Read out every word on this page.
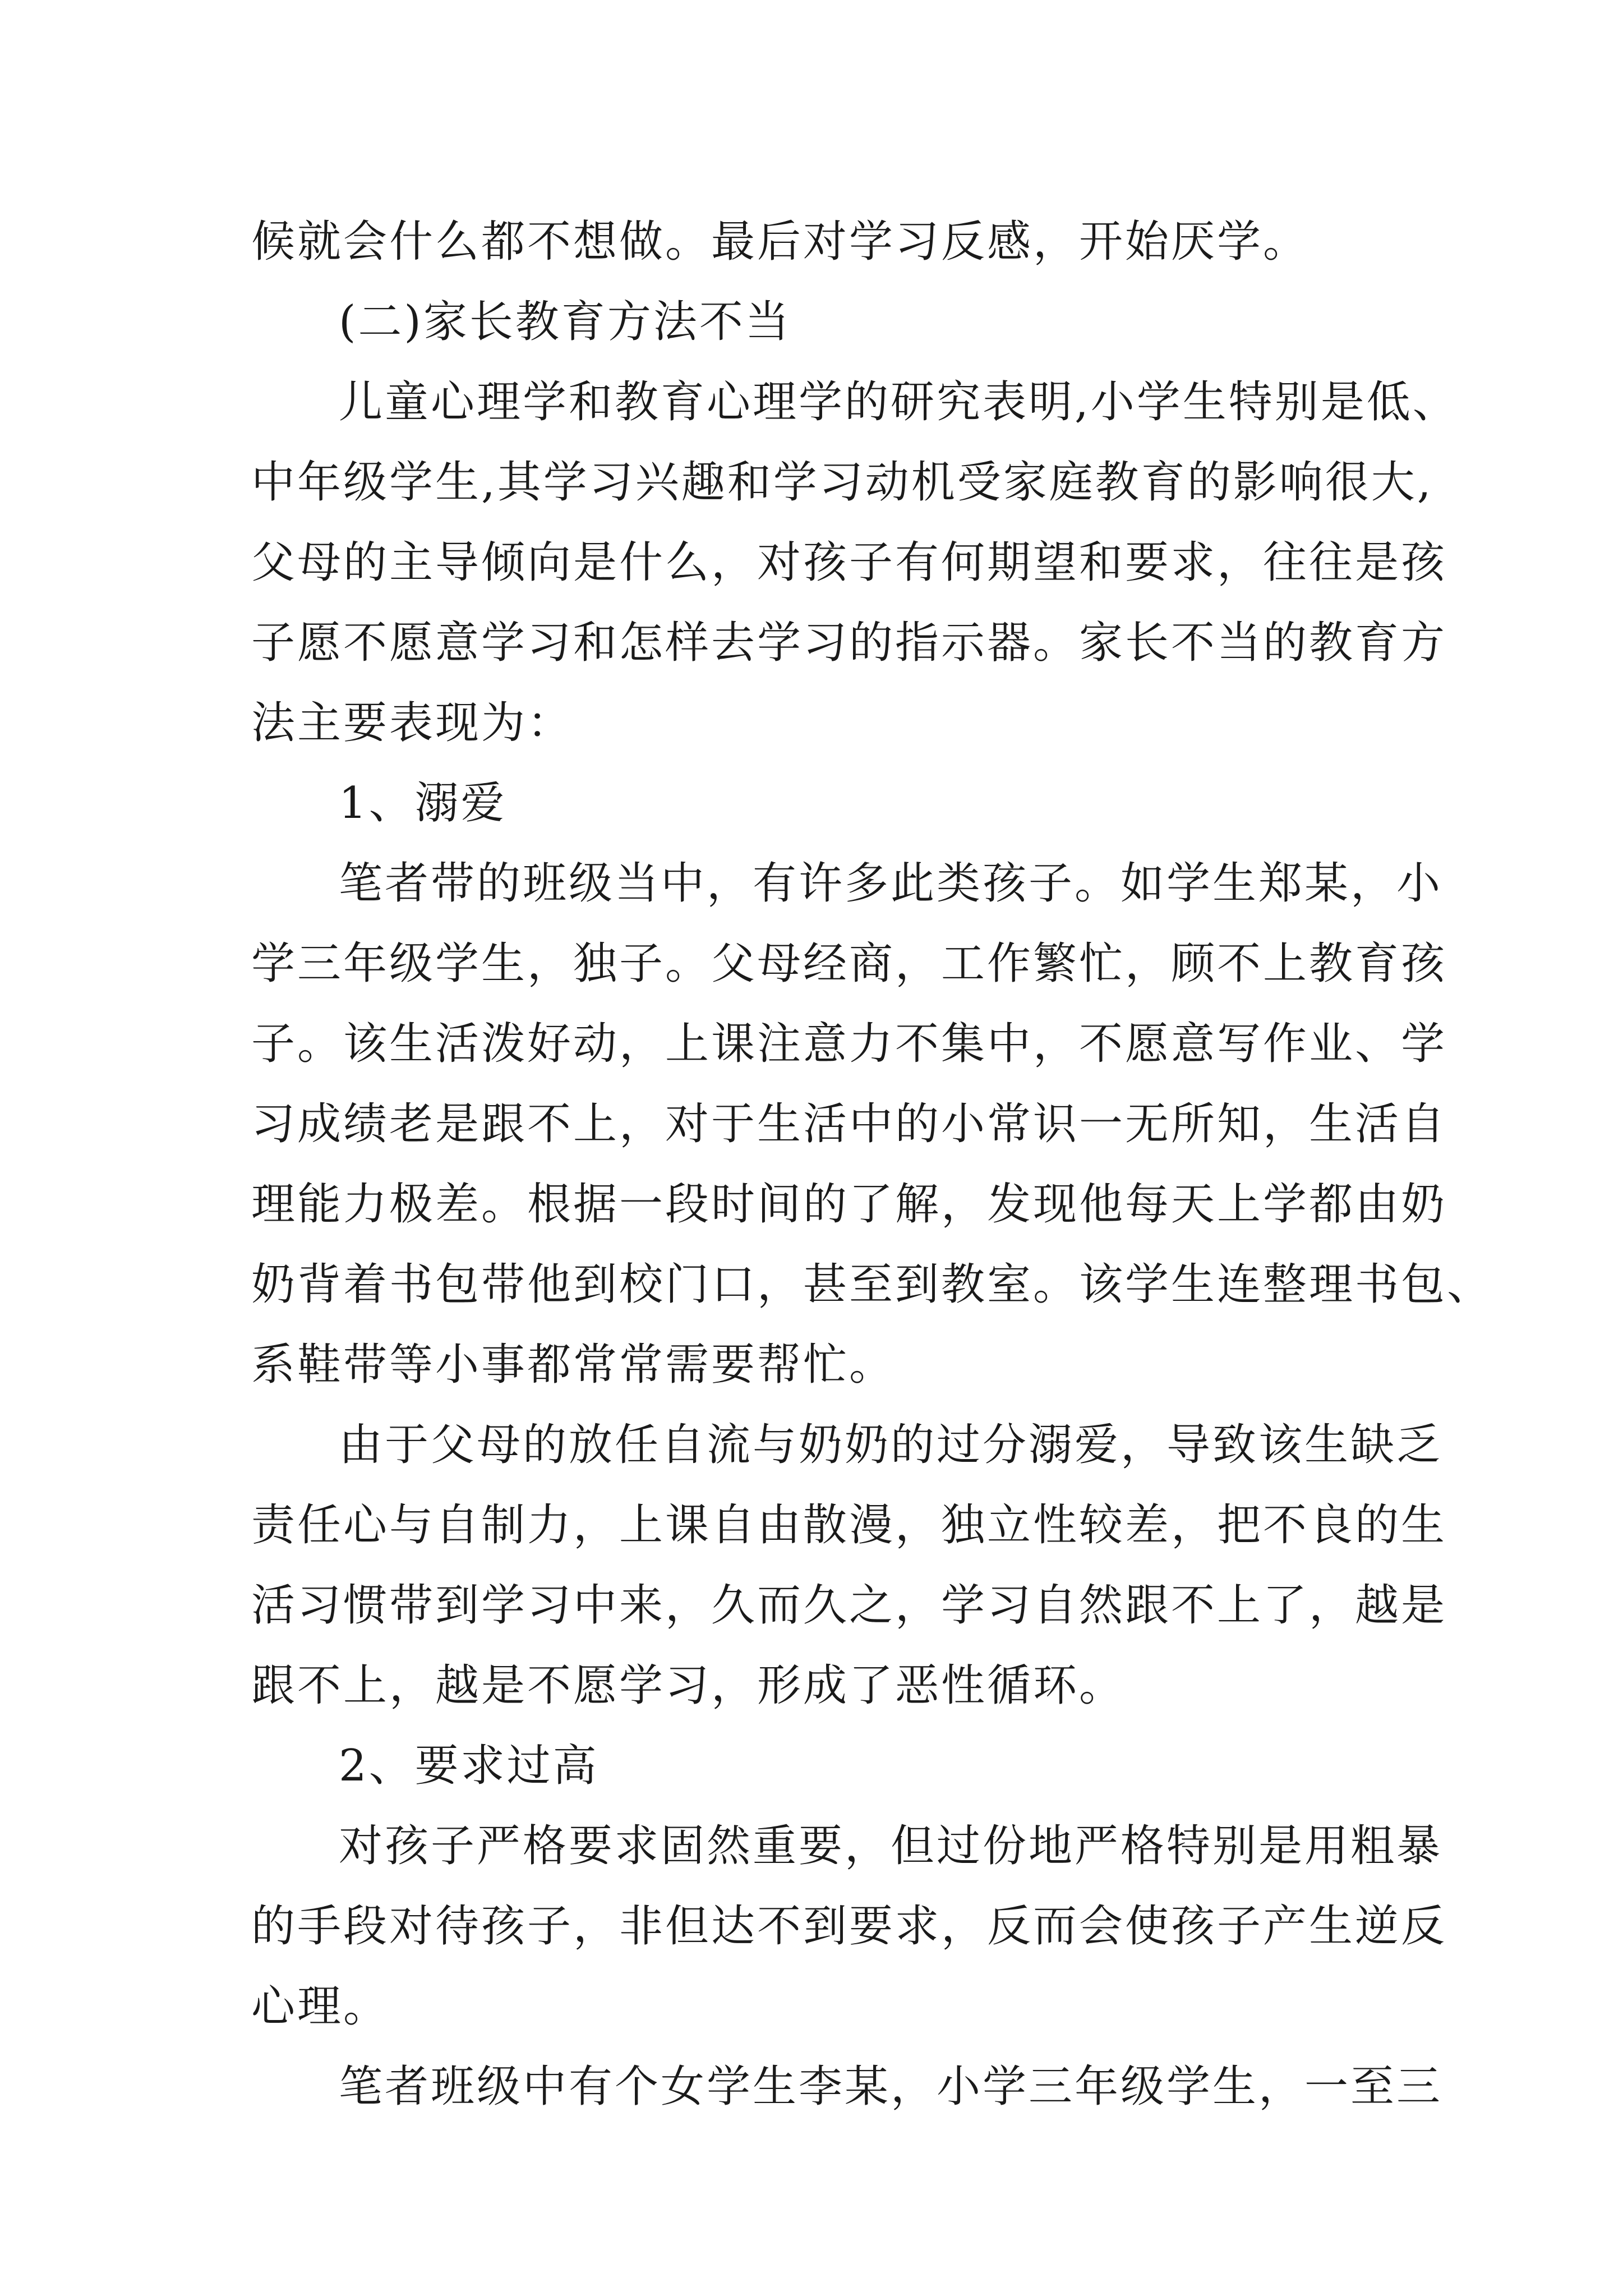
候就会什么都不想做。最后对学习反感，开始厌学。
(二)家长教育方法不当
儿童心理学和教育心理学的研究表明,小学生特别是低、
中年级学生,其学习兴趣和学习动机受家庭教育的影响很大,
父母的主导倾向是什么，对孩子有何期望和要求，往往是孩
子愿不愿意学习和怎样去学习的指示器。家长不当的教育方
法主要表现为：
1、溺爱
笔者带的班级当中，有许多此类孩子。如学生郑某，小
学三年级学生，独子。父母经商，工作繁忙，顾不上教育孩
子。该生活泼好动，上课注意力不集中，不愿意写作业、学
习成绩老是跟不上，对于生活中的小常识一无所知，生活自
理能力极差。根据一段时间的了解，发现他每天上学都由奶
奶背着书包带他到校门口，甚至到教室。该学生连整理书包、
系鞋带等小事都常常需要帮忙。
由于父母的放任自流与奶奶的过分溺爱，导致该生缺乏
责任心与自制力，上课自由散漫，独立性较差，把不良的生
活习惯带到学习中来，久而久之，学习自然跟不上了，越是
跟不上，越是不愿学习，形成了恶性循环。
2、要求过高
对孩子严格要求固然重要，但过份地严格特别是用粗暴
的手段对待孩子，非但达不到要求，反而会使孩子产生逆反
心理。
笔者班级中有个女学生李某，小学三年级学生，一至三
